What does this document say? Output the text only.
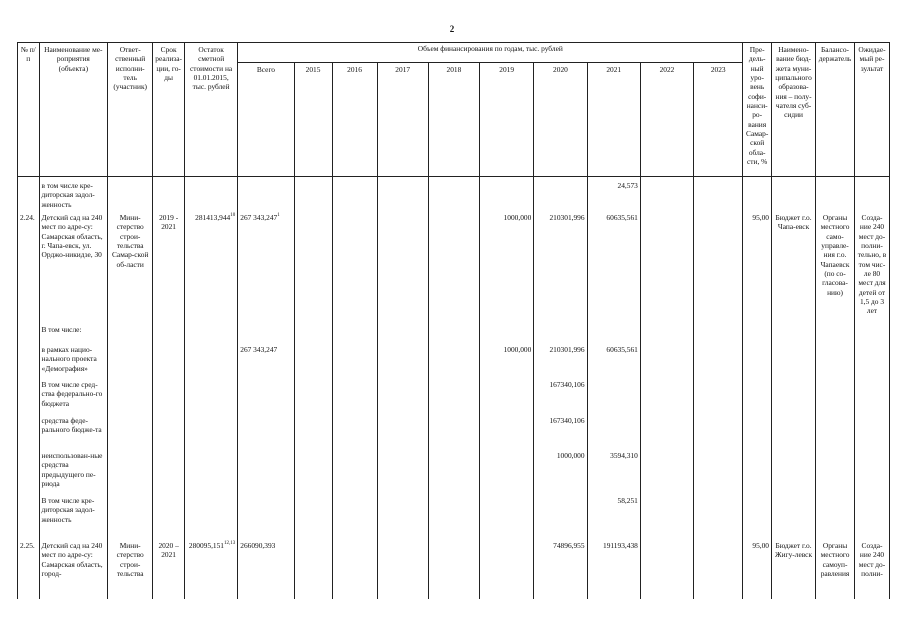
2
№ п/п	Наименование ме-роприятия (объекта)	Ответ-ственный исполни-тель (участник)	Срок реализа-ции, го-ды	Остаток сметной стоимости на 01.01.2015, тыс. рублей	Объем финансирования по годам, тыс. рублей										Пре-дель-ный уро-вень софи-нанси-ро-вания Самар-ской обла-сти, %	Наимено-вание бюд-жета муни-ципального образова-ния – полу-чателя суб-сидии	Балансо-держатель	Ожидае-мый ре-зультат
					Всего	2015	2016	2017	2018	2019	2020	2021	2022	2023				

	в том числе кре-диторская задол-женность											24,573						
2.24.	Детский сад на 240 мест по адре-су: Самарская область, г. Чапа-евск, ул. Орджо-никидзе, 30	Мини-стерство строи-тельства Самар-ской об-ласти	2019 - 2021	281413,944$^{10}$	267 343,247$^1$					1000,000	210301,996	60635,561			95,00	Бюджет г.о. Чапа-евск	Органы местного само-управле-ния г.о. Чапаевск (по со-гласова-нию)	Созда-ние 240 мест до-полни-тельно, в том чис-ле 80 мест для детей от 1,5 до 3 лет
	В том числе:																	
	в рамках нацио-нального проекта «Демография»				267 343,247					1000,000	210301,996	60635,561						
	В том числе сред-ства федерально-го бюджета										167340,106							
	средства феде-рального бюдже-та										167340,106							
	неиспользован-ные средства предыдущего пе-риода										1000,000	3594,310						
	В том числе кре-диторская задол-женность											58,251						
2.25.	Детский сад на 240 мест по адре-су: Самарская область, город-	Мини-стерство строи-тельства	2020 – 2021	280095,151$^{12,13}$	266090,393						74896,955	191193,438			95,00	Бюджет г.о. Жигу-левск	Органы местного самоуп-равления	Созда-ние 240 мест до-полни-
